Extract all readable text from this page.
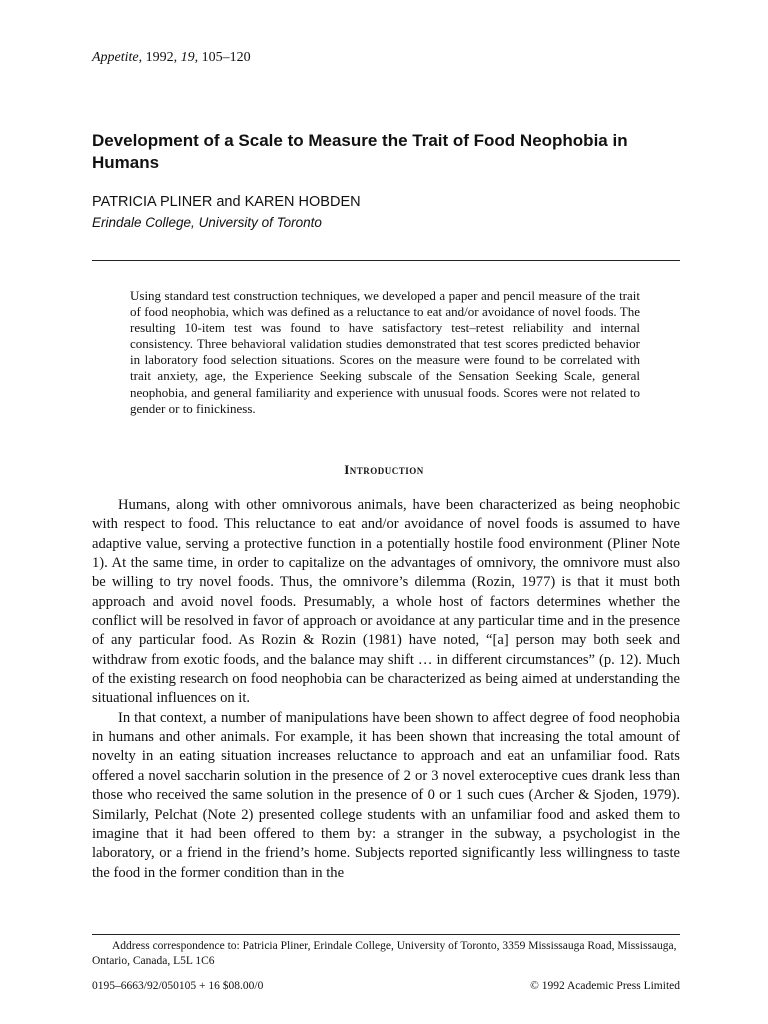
Appetite, 1992, 19, 105–120
Development of a Scale to Measure the Trait of Food Neophobia in Humans
PATRICIA PLINER and KAREN HOBDEN
Erindale College, University of Toronto

Using standard test construction techniques, we developed a paper and pencil measure of the trait of food neophobia, which was defined as a reluctance to eat and/or avoidance of novel foods. The resulting 10-item test was found to have satisfactory test–retest reliability and internal consistency. Three behavioral validation studies demonstrated that test scores predicted behavior in laboratory food selection situations. Scores on the measure were found to be correlated with trait anxiety, age, the Experience Seeking subscale of the Sensation Seeking Scale, general neophobia, and general familiarity and experience with unusual foods. Scores were not related to gender or to finickiness.

Introduction

Humans, along with other omnivorous animals, have been characterized as being neophobic with respect to food. This reluctance to eat and/or avoidance of novel foods is assumed to have adaptive value, serving a protective function in a potentially hostile food environment (Pliner Note 1). At the same time, in order to capitalize on the advantages of omnivory, the omnivore must also be willing to try novel foods. Thus, the omnivore’s dilemma (Rozin, 1977) is that it must both approach and avoid novel foods. Presumably, a whole host of factors determines whether the conflict will be resolved in favor of approach or avoidance at any particular time and in the presence of any particular food. As Rozin & Rozin (1981) have noted, “[a] person may both seek and withdraw from exotic foods, and the balance may shift … in different circumstances” (p. 12). Much of the existing research on food neophobia can be characterized as being aimed at understanding the situational influences on it.

In that context, a number of manipulations have been shown to affect degree of food neophobia in humans and other animals. For example, it has been shown that increasing the total amount of novelty in an eating situation increases reluctance to approach and eat an unfamiliar food. Rats offered a novel saccharin solution in the presence of 2 or 3 novel exteroceptive cues drank less than those who received the same solution in the presence of 0 or 1 such cues (Archer & Sjoden, 1979). Similarly, Pelchat (Note 2) presented college students with an unfamiliar food and asked them to imagine that it had been offered to them by: a stranger in the subway, a psychologist in the laboratory, or a friend in the friend’s home. Subjects reported significantly less willingness to taste the food in the former condition than in the

Address correspondence to: Patricia Pliner, Erindale College, University of Toronto, 3359 Mississauga Road, Mississauga, Ontario, Canada, L5L 1C6

0195–6663/92/050105 + 16 $08.00/0	© 1992 Academic Press Limited
